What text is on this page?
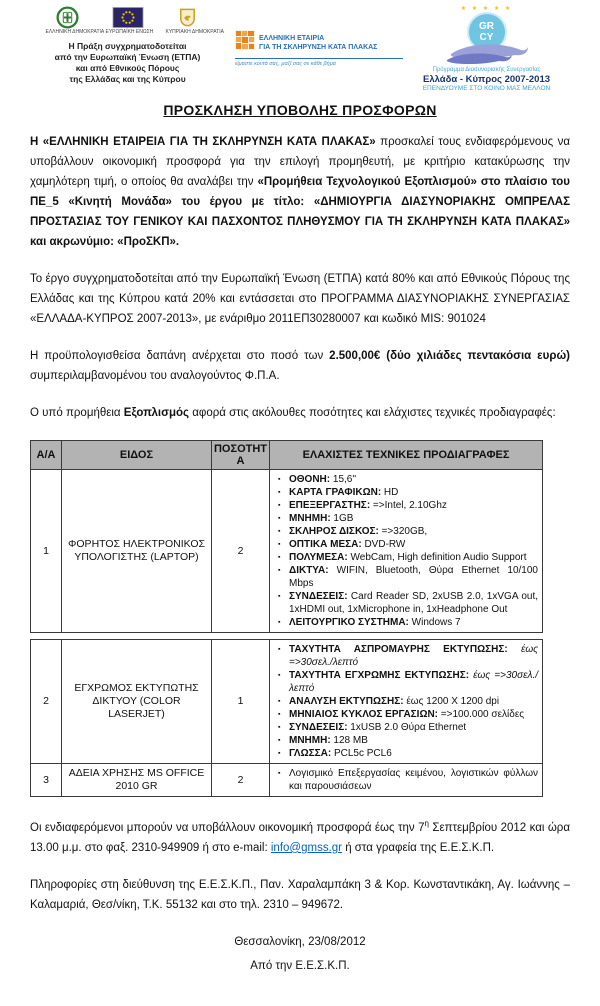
ΕΛΛΗΝΙΚΗ ΔΗΜΟΚΡΑΤΙΑ ΕΥΡΩΠΑΪΚΗ ΕΝΩΣΗ ΚΥΠΡΙΑΚΗ ΔΗΜΟΚΡΑΤΙΑ
Η Πράξη συγχρηματοδοτείται
από την Ευρωπαϊκή Ένωση (ΕΤΠΑ)
και από Εθνικούς Πόρους
της Ελλάδας και της Κύπρου
ΕΛΛΗΝΙΚΗ ΕΤΑΙΡΙΑ
ΓΙΑ ΤΗ ΣΚΛΗΡΥΝΣΗ ΚΑΤΑ ΠΛΑΚΑΣ
είμαστε κοντά σας, μαζί σας σε κάθε βήμα
★ ★ ★ ★ ★
GR
CY
Πρόγραμμα Διασυνοριακής Συνεργασίας
Ελλάδα - Κύπρος 2007-2013
ΕΠΕΝΔΥΟΥΜΕ ΣΤΟ ΚΟΙΝΟ ΜΑΣ ΜΕΛΛΟΝ
ΠΡΟΣΚΛΗΣΗ ΥΠΟΒΟΛΗΣ ΠΡΟΣΦΟΡΩΝ

Η «ΕΛΛΗΝΙΚΗ ΕΤΑΙΡΕΙΑ ΓΙΑ ΤΗ ΣΚΛΗΡΥΝΣΗ ΚΑΤΑ ΠΛΑΚΑΣ» προσκαλεί τους ενδιαφερόμενους να υποβάλλουν οικονομική προσφορά για την επιλογή προμηθευτή, με κριτήριο κατακύρωσης την χαμηλότερη τιμή, ο οποίος θα αναλάβει την «Προμήθεια Τεχνολογικού Εξοπλισμού» στο πλαίσιο του ΠΕ_5 «Κινητή Μονάδα» του έργου με τίτλο: «ΔΗΜΙΟΥΡΓΙΑ ΔΙΑΣΥΝΟΡΙΑΚΗΣ ΟΜΠΡΕΛΑΣ ΠΡΟΣΤΑΣΙΑΣ ΤΟΥ ΓΕΝΙΚΟΥ ΚΑΙ ΠΑΣΧΟΝΤΟΣ ΠΛΗΘΥΣΜΟΥ ΓΙΑ ΤΗ ΣΚΛΗΡΥΝΣΗ ΚΑΤΑ ΠΛΑΚΑΣ» και ακρωνύμιο: «ΠροΣΚΠ».

Το έργο συγχρηματοδοτείται από την Ευρωπαϊκή Ένωση (ΕΤΠΑ) κατά 80% και από Εθνικούς Πόρους της Ελλάδας και της Κύπρου κατά 20% και εντάσσεται στο ΠΡΟΓΡΑΜΜΑ ΔΙΑΣΥΝΟΡΙΑΚΗΣ ΣΥΝΕΡΓΑΣΙΑΣ «ΕΛΛΑΔΑ-ΚΥΠΡΟΣ 2007-2013», με ενάριθμο 2011ΕΠ30280007 και κωδικό MIS: 901024

Η προϋπολογισθείσα δαπάνη ανέρχεται στο ποσό των 2.500,00€ (δύο χιλιάδες πεντακόσια ευρώ) συμπεριλαμβανομένου του αναλογούντος Φ.Π.Α.

Ο υπό προμήθεια Εξοπλισμός αφορά στις ακόλουθες ποσότητες και ελάχιστες τεχνικές προδιαγραφές:

Α/Α	ΕΙΔΟΣ	ΠΟΣΟΤΗΤΑ	ΕΛΑΧΙΣΤΕΣ ΤΕΧΝΙΚΕΣ ΠΡΟΔΙΑΓΡΑΦΕΣ
1	ΦΟΡΗΤΟΣ ΗΛΕΚΤΡΟΝΙΚΟΣ ΥΠΟΛΟΓΙΣΤΗΣ (LAPTOP)	2	
▪ ΟΘΟΝΗ: 15,6''
▪ ΚΑΡΤΑ ΓΡΑΦΙΚΩΝ: HD
▪ ΕΠΕΞΕΡΓΑΣΤΗΣ: =>Intel, 2.10Ghz
▪ ΜΝΗΜΗ: 1GB
▪ ΣΚΛΗΡΟΣ ΔΙΣΚΟΣ: =>320GB,
▪ ΟΠΤΙΚΑ ΜΕΣΑ: DVD-RW
▪ ΠΟΛΥΜΕΣΑ: WebCam, High definition Audio Support
▪ ΔΙΚΤΥΑ: WIFIN, Bluetooth, Θύρα Ethernet 10/100 Mbps
▪ ΣΥΝΔΕΣΕΙΣ: Card Reader SD, 2xUSB 2.0, 1xVGA out, 1xHDMI out, 1xMicrophone in, 1xHeadphone Out
▪ ΛΕΙΤΟΥΡΓΙΚΟ ΣΥΣΤΗΜΑ: Windows 7
2	ΕΓΧΡΩΜΟΣ ΕΚΤΥΠΩΤΗΣ ΔΙΚΤΥΟΥ (COLOR LASERJET)	1	
▪ ΤΑΧΥΤΗΤΑ ΑΣΠΡΟΜΑΥΡΗΣ ΕΚΤΥΠΩΣΗΣ: έως =>30σελ./λεπτό
▪ ΤΑΧΥΤΗΤΑ ΕΓΧΡΩΜΗΣ ΕΚΤΥΠΩΣΗΣ: έως =>30σελ./λεπτό
▪ ΑΝΑΛΥΣΗ ΕΚΤΥΠΩΣΗΣ: έως 1200 X 1200 dpi
▪ ΜΗΝΙΑΙΟΣ ΚΥΚΛΟΣ ΕΡΓΑΣΙΩΝ: =>100.000 σελίδες
▪ ΣΥΝΔΕΣΕΙΣ: 1xUSB 2.0 Θύρα Ethernet
▪ ΜΝΗΜΗ: 128 MB
▪ ΓΛΩΣΣΑ: PCL5c PCL6

3	ΑΔΕΙΑ ΧΡΗΣΗΣ MS OFFICE 2010 GR	2	
▪Λογισμικό Επεξεργασίας κειμένου, λογιστικών φύλλων και παρουσιάσεων

Οι ενδιαφερόμενοι μπορούν να υποβάλλουν οικονομική προσφορά έως την $7^\eta$ Σεπτεμβρίου 2012 και ώρα 13.00 μ.μ. στο φαξ. 2310-949909 ή στο e-mail: info@gmss.gr ή στα γραφεία της Ε.Ε.Σ.Κ.Π.

Πληροφορίες στη διεύθυνση της Ε.Ε.Σ.Κ.Π., Παν. Χαραλαμπάκη 3 & Κορ. Κωνσταντικάκη, Αγ. Ιωάννης – Καλαμαριά, Θεσ/νίκη, Τ.Κ. 55132 και στο τηλ. 2310 – 949672.

Θεσσαλονίκη, 23/08/2012

Από την Ε.Ε.Σ.Κ.Π.
